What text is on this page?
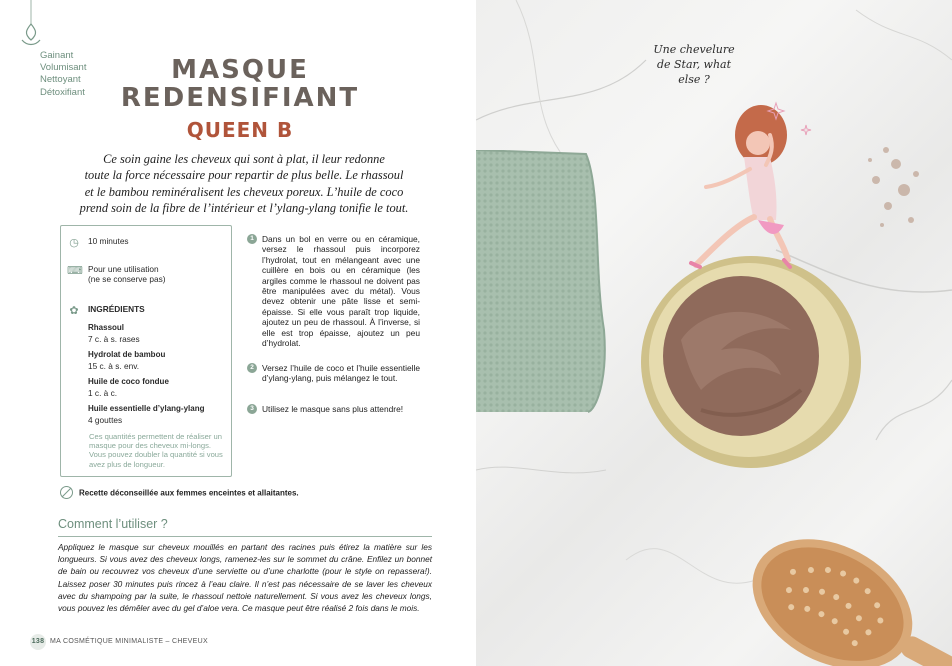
Gainant
Volumisant
Nettoyant
Détoxifiant
MASQUE
REDENSIFIANT
QUEEN B
Ce soin gaine les cheveux qui sont à plat, il leur redonne
toute la force nécessaire pour repartir de plus belle. Le rhassoul
et le bambou reminéralisent les cheveux poreux. L’huile de coco
prend soin de la fibre de l’intérieur et l’ylang-ylang tonifie le tout.
◷ 10 minutes
⌨ Pour une utilisation
(ne se conserve pas)
✿ INGRÉDIENTS
Rhassoul
7 c. à s. rases
Hydrolat de bambou
15 c. à s. env.
Huile de coco fondue
1 c. à c.
Huile essentielle d’ylang-ylang
4 gouttes
Ces quantités permettent de réaliser un masque pour des cheveux mi-longs. Vous pouvez doubler la quantité si vous avez plus de longueur.
1 Dans un bol en verre ou en céramique, versez le rhassoul puis incorporez l’hydrolat, tout en mélangeant avec une cuillère en bois ou en céramique (les argiles comme le rhassoul ne doivent pas être manipulées avec du métal). Vous devez obtenir une pâte lisse et semi-épaisse. Si elle vous paraît trop liquide, ajoutez un peu de rhassoul. À l’inverse, si elle est trop épaisse, ajoutez un peu d’hydrolat.
2 Versez l’huile de coco et l’huile essentielle d’ylang-ylang, puis mélangez le tout.
3 Utilisez le masque sans plus attendre!
Recette déconseillée aux femmes enceintes et allaitantes.
Comment l’utiliser ?
Appliquez le masque sur cheveux mouillés en partant des racines puis étirez la matière sur les longueurs. Si vous avez des cheveux longs, ramenez-les sur le sommet du crâne. Enfilez un bonnet de bain ou recouvrez vos cheveux d’une serviette ou d’une charlotte (pour le style on repassera!). Laissez poser 30 minutes puis rincez à l’eau claire. Il n’est pas nécessaire de se laver les cheveux avec du shampoing par la suite, le rhassoul nettoie naturellement. Si vous avez les cheveux longs, vous pouvez les démêler avec du gel d’aloe vera. Ce masque peut être réalisé 2 fois dans le mois.
138 MA COSMÉTIQUE MINIMALISTE – CHEVEUX
Une chevelure
de Star, what
else ?
